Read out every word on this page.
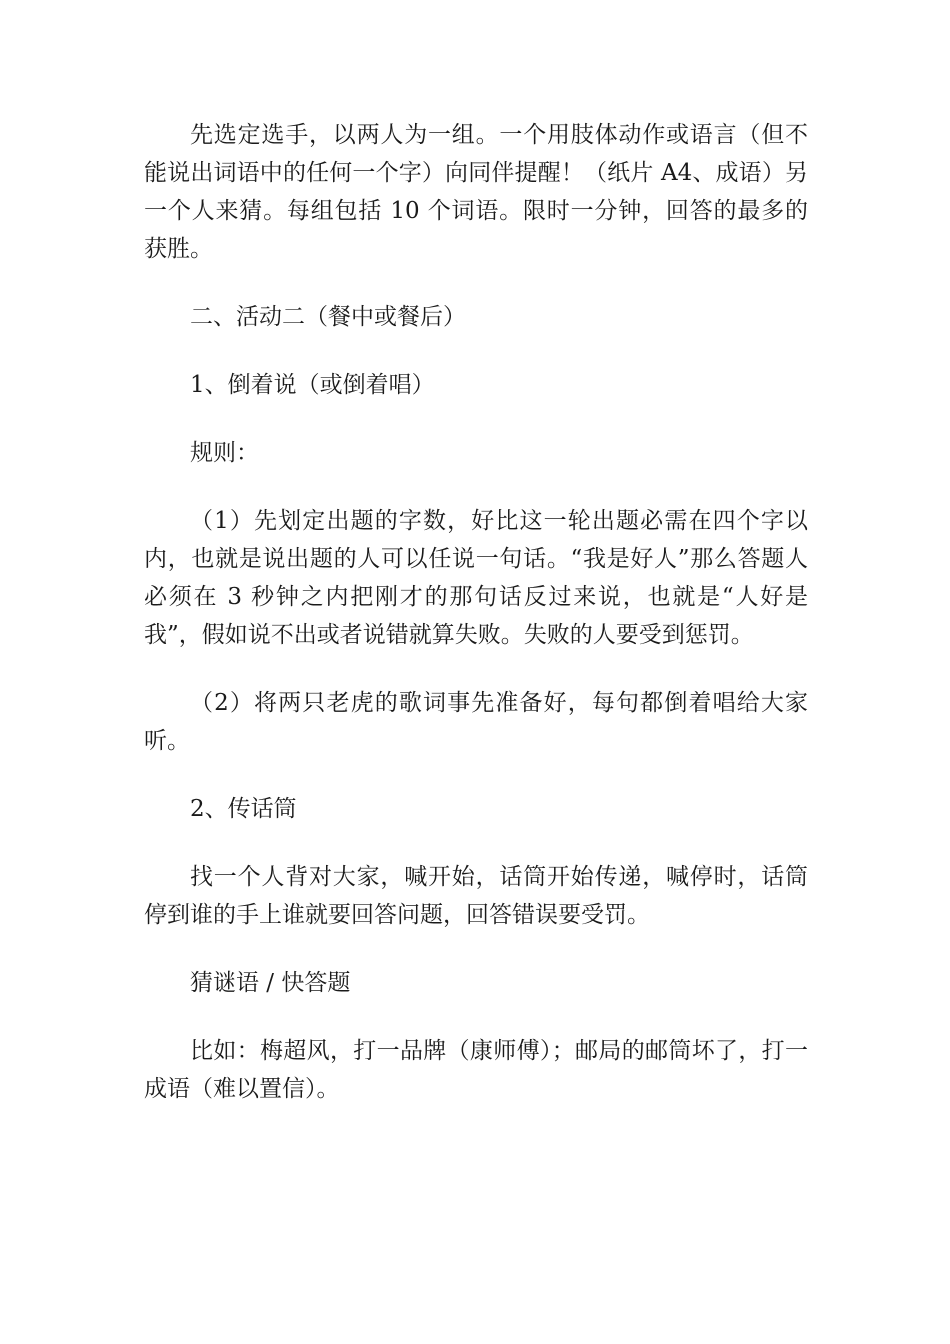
先选定选手，以两人为一组。一个用肢体动作或语言（但不能说出词语中的任何一个字）向同伴提醒！（纸片 A4、成语）另一个人来猜。每组包括 10 个词语。限时一分钟，回答的最多的获胜。

二、活动二（餐中或餐后）

1、倒着说（或倒着唱）

规则：

（1）先划定出题的字数，好比这一轮出题必需在四个字以内，也就是说出题的人可以任说一句话。“我是好人”那么答题人必须在 3 秒钟之内把刚才的那句话反过来说，也就是“人好是我”，假如说不出或者说错就算失败。失败的人要受到惩罚。

（2）将两只老虎的歌词事先准备好，每句都倒着唱给大家听。

2、传话筒

找一个人背对大家，喊开始，话筒开始传递，喊停时，话筒停到谁的手上谁就要回答问题，回答错误要受罚。

猜谜语 / 快答题

比如：梅超风，打一品牌（康师傅）；邮局的邮筒坏了，打一成语（难以置信）。
